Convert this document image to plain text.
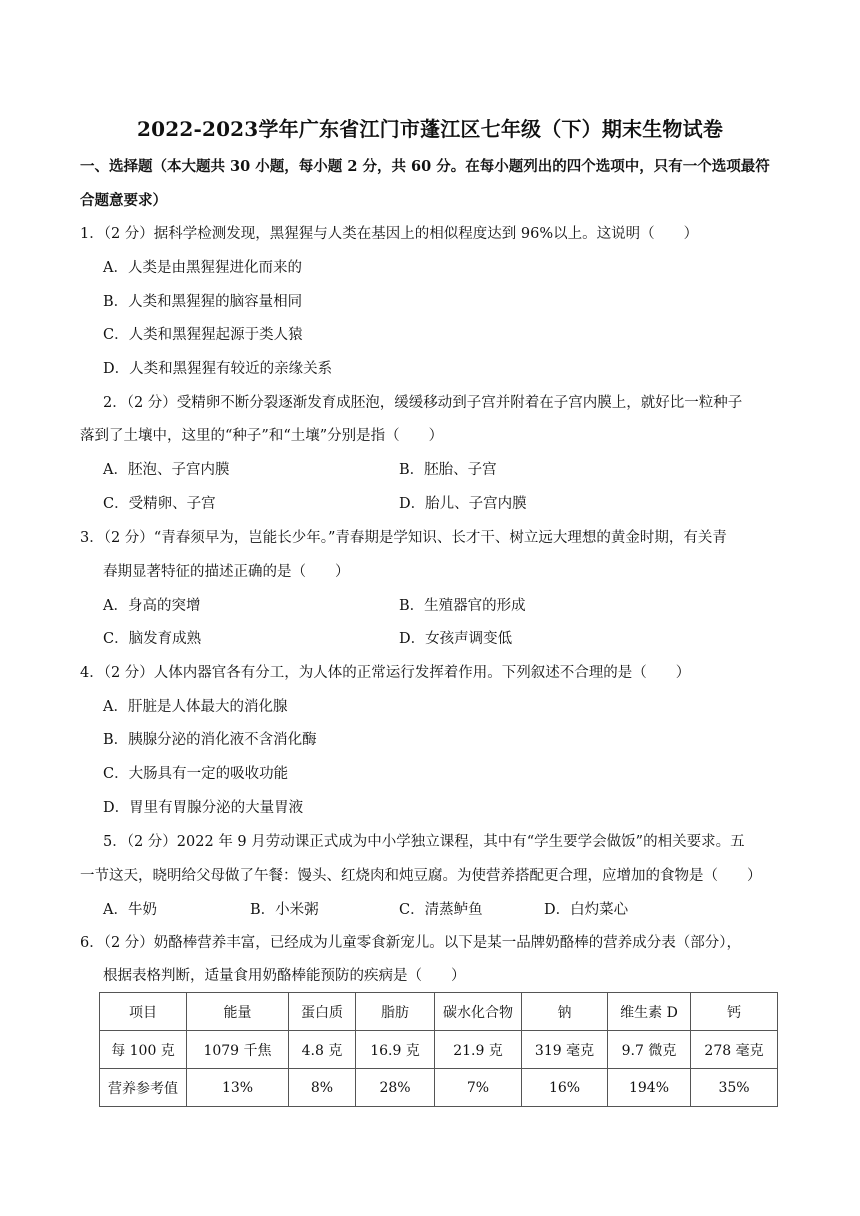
2022-2023学年广东省江门市蓬江区七年级（下）期末生物试卷
一、选择题（本大题共 30 小题，每小题 2 分，共 60 分。在每小题列出的四个选项中，只有一个选项最符
合题意要求）
1．（2 分）据科学检测发现，黑猩猩与人类在基因上的相似程度达到 96%以上。这说明（　　）
A．人类是由黑猩猩进化而来的
B．人类和黑猩猩的脑容量相同
C．人类和黑猩猩起源于类人猿
D．人类和黑猩猩有较近的亲缘关系
2．（2 分）受精卵不断分裂逐渐发育成胚泡，缓缓移动到子宫并附着在子宫内膜上，就好比一粒种子
落到了土壤中，这里的“种子”和“土壤”分别是指（　　）
A．胚泡、子宫内膜	B．胚胎、子宫
C．受精卵、子宫	D．胎儿、子宫内膜
3．（2 分）“青春须早为，岂能长少年。”青春期是学知识、长才干、树立远大理想的黄金时期，有关青
春期显著特征的描述正确的是（　　）
A．身高的突增	B．生殖器官的形成
C．脑发育成熟	D．女孩声调变低
4．（2 分）人体内器官各有分工，为人体的正常运行发挥着作用。下列叙述不合理的是（　　）
A．肝脏是人体最大的消化腺
B．胰腺分泌的消化液不含消化酶
C．大肠具有一定的吸收功能
D．胃里有胃腺分泌的大量胃液
5．（2 分）2022 年 9 月劳动课正式成为中小学独立课程，其中有“学生要学会做饭”的相关要求。五
一节这天，晓明给父母做了午餐：馒头、红烧肉和炖豆腐。为使营养搭配更合理，应增加的食物是（　　）
A．牛奶	B．小米粥	C．清蒸鲈鱼	D．白灼菜心
6．（2 分）奶酪棒营养丰富，已经成为儿童零食新宠儿。以下是某一品牌奶酪棒的营养成分表（部分），
根据表格判断，适量食用奶酪棒能预防的疾病是（　　）
项目	能量	蛋白质	脂肪	碳水化合物	钠	维生素 D	钙
每 100 克	1079 千焦	4.8 克	16.9 克	21.9 克	319 毫克	9.7 微克	278 毫克
营养参考值	13%	8%	28%	7%	16%	194%	35%
